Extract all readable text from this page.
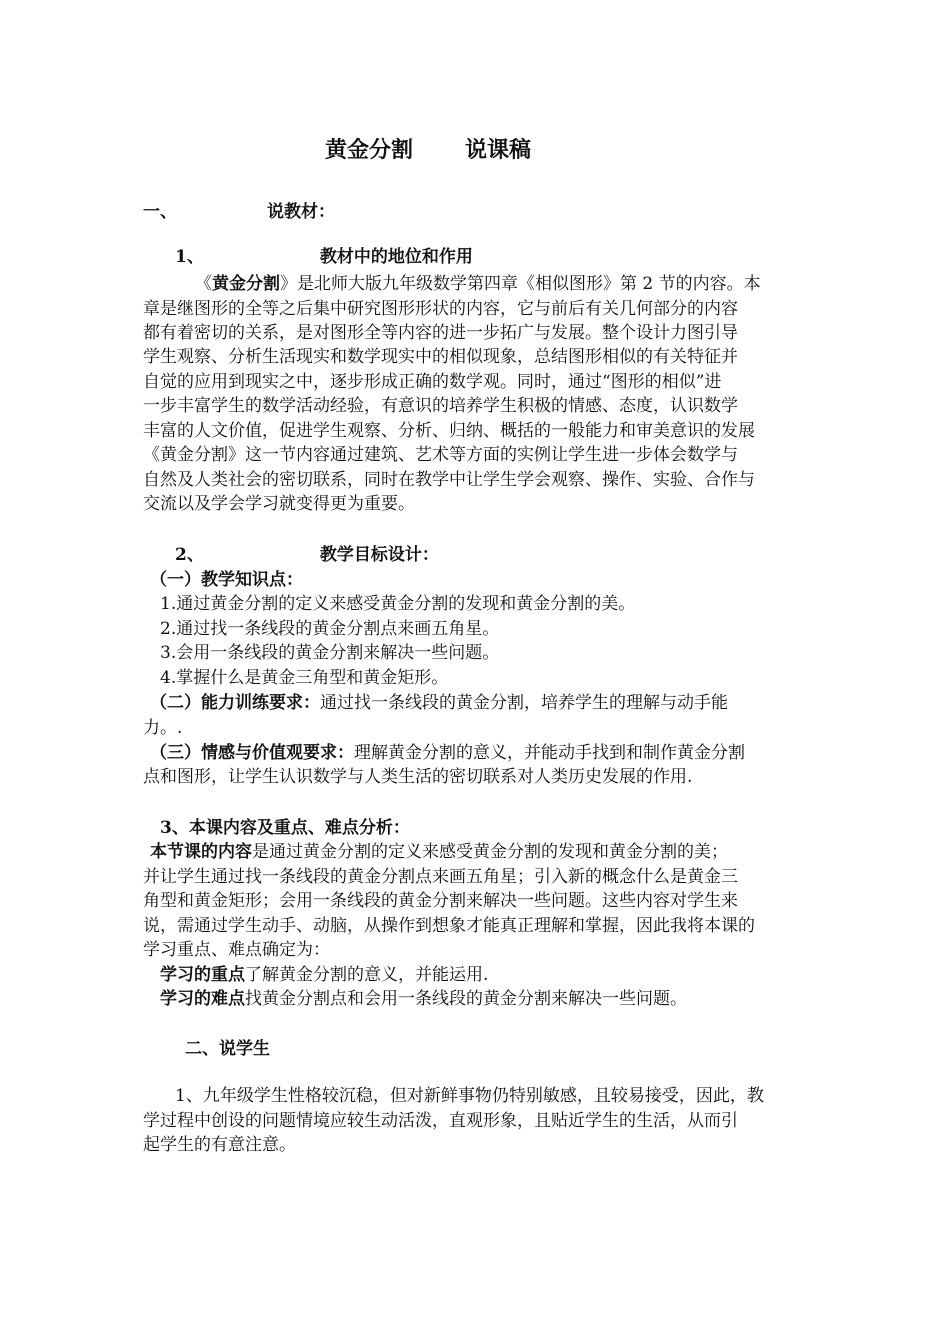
黄金分割 说课稿
一、	说教材：
1、	教材中的地位和作用
《黄金分割》是北师大版九年级数学第四章《相似图形》第 2 节的内容。本
章是继图形的全等之后集中研究图形形状的内容，它与前后有关几何部分的内容
都有着密切的关系，是对图形全等内容的进一步拓广与发展。整个设计力图引导
学生观察、分析生活现实和数学现实中的相似现象，总结图形相似的有关特征并
自觉的应用到现实之中，逐步形成正确的数学观。同时，通过“图形的相似”进
一步丰富学生的数学活动经验，有意识的培养学生积极的情感、态度，认识数学
丰富的人文价值，促进学生观察、分析、归纳、概括的一般能力和审美意识的发展
《黄金分割》这一节内容通过建筑、艺术等方面的实例让学生进一步体会数学与
自然及人类社会的密切联系，同时在教学中让学生学会观察、操作、实验、合作与
交流以及学会学习就变得更为重要。
2、	教学目标设计：
（一）教学知识点：
1.通过黄金分割的定义来感受黄金分割的发现和黄金分割的美。
2.通过找一条线段的黄金分割点来画五角星。
3.会用一条线段的黄金分割来解决一些问题。
4.掌握什么是黄金三角型和黄金矩形。
（二）能力训练要求：通过找一条线段的黄金分割，培养学生的理解与动手能
力。.
（三）情感与价值观要求：理解黄金分割的意义，并能动手找到和制作黄金分割
点和图形，让学生认识数学与人类生活的密切联系对人类历史发展的作用.
3、本课内容及重点、难点分析：
本节课的内容是通过黄金分割的定义来感受黄金分割的发现和黄金分割的美；
并让学生通过找一条线段的黄金分割点来画五角星；引入新的概念什么是黄金三
角型和黄金矩形；会用一条线段的黄金分割来解决一些问题。这些内容对学生来
说，需通过学生动手、动脑，从操作到想象才能真正理解和掌握，因此我将本课的
学习重点、难点确定为：
学习的重点了解黄金分割的意义，并能运用.
学习的难点找黄金分割点和会用一条线段的黄金分割来解决一些问题。
二、说学生
1、九年级学生性格较沉稳，但对新鲜事物仍特别敏感，且较易接受，因此，教
学过程中创设的问题情境应较生动活泼，直观形象，且贴近学生的生活，从而引
起学生的有意注意。
